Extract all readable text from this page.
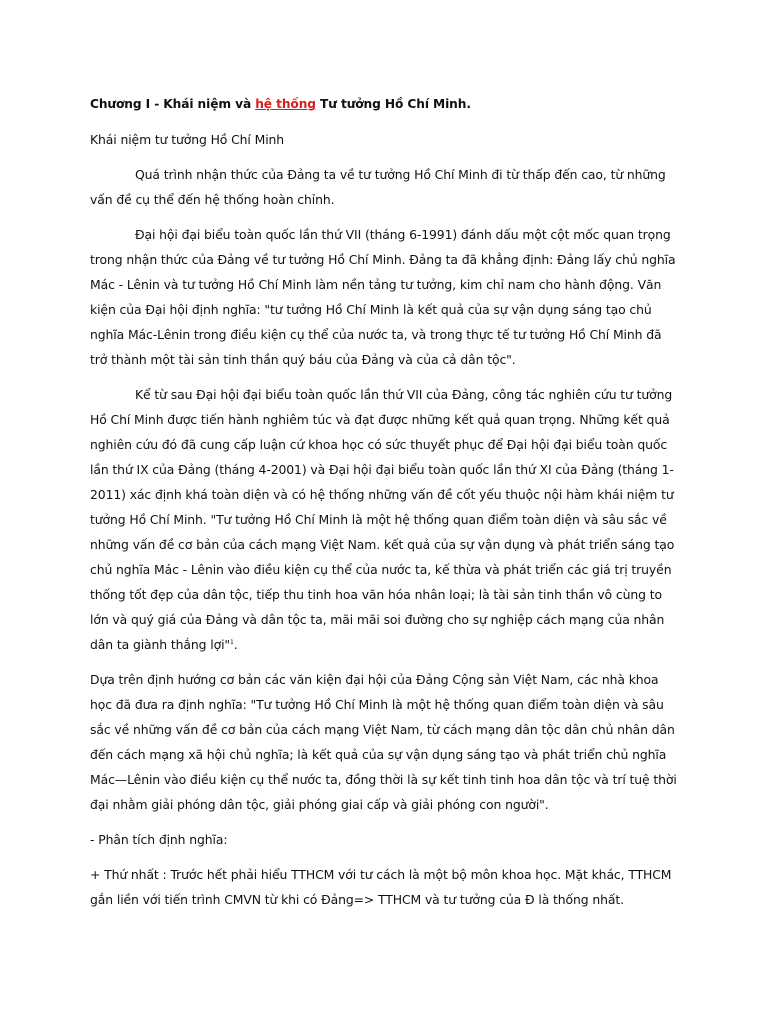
Chương I - Khái niệm và hệ thống Tư tưởng Hồ Chí Minh.

Khái niệm tư tưởng Hồ Chí Minh

Quá trình nhận thức của Đảng ta về tư tưởng Hồ Chí Minh đi từ thấp đến cao, từ những vấn đề cụ thể đến hệ thống hoàn chỉnh.

Đại hội đại biểu toàn quốc lần thứ VII (tháng 6-1991) đánh dấu một cột mốc quan trọng trong nhận thức của Đảng về tư tưởng Hồ Chí Minh. Đảng ta đã khẳng định: Đảng lấy chủ nghĩa Mác - Lênin và tư tưởng Hồ Chí Minh làm nền tảng tư tưởng, kim chỉ nam cho hành động. Văn kiện của Đại hội định nghĩa: "tư tưởng Hồ Chí Minh là kết quả của sự vận dụng sáng tạo chủ nghĩa Mác-Lênin trong điều kiện cụ thể của nước ta, và trong thực tế tư tưởng Hồ Chí Minh đã trở thành một tài sản tinh thần quý báu của Đảng và của cả dân tộc".

Kể từ sau Đại hội đại biểu toàn quốc lần thứ VII của Đảng, công tác nghiên cứu tư tưởng Hồ Chí Minh được tiến hành nghiêm túc và đạt được những kết quả quan trọng. Những kết quả nghiên cứu đó đã cung cấp luận cứ khoa học có sức thuyết phục để Đại hội đại biểu toàn quốc lần thứ IX của Đảng (tháng 4-2001) và Đại hội đại biểu toàn quốc lần thứ XI của Đảng (tháng 1-2011) xác định khá toàn diện và có hệ thống những vấn đề cốt yếu thuộc nội hàm khái niệm tư tưởng Hồ Chí Minh. "Tư tưởng Hồ Chí Minh là một hệ thống quan điểm toàn diện và sâu sắc về những vấn đề cơ bản của cách mạng Việt Nam. kết quả của sự vận dụng và phát triển sáng tạo chủ nghĩa Mác - Lênin vào điều kiện cụ thể của nước ta, kế thừa và phát triển các giá trị truyền thống tốt đẹp của dân tộc, tiếp thu tinh hoa văn hóa nhân loại; là tài sản tinh thần vô cùng to lớn và quý giá của Đảng và dân tộc ta, mãi mãi soi đường cho sự nghiệp cách mạng của nhân dân ta giành thắng lợi"$^1$.

Dựa trên định hướng cơ bản các văn kiện đại hội của Đảng Cộng sản Việt Nam, các nhà khoa học đã đưa ra định nghĩa: "Tư tưởng Hồ Chí Minh là một hệ thống quan điểm toàn diện và sâu sắc về những vấn đề cơ bản của cách mạng Việt Nam, từ cách mạng dân tộc dân chủ nhân dân đến cách mạng xã hội chủ nghĩa; là kết quả của sự vận dụng sáng tạo và phát triển chủ nghĩa Mác—Lênin vào điều kiện cụ thể nước ta, đồng thời là sự kết tinh tinh hoa dân tộc và trí tuệ thời đại nhằm giải phóng dân tộc, giải phóng giai cấp và giải phóng con người".

- Phân tích định nghĩa:

+ Thứ nhất : Trước hết phải hiểu TTHCM với tư cách là một bộ môn khoa học. Mặt khác, TTHCM gắn liền với tiến trình CMVN từ khi có Đảng=> TTHCM và tư tưởng của Đ là thống nhất.
